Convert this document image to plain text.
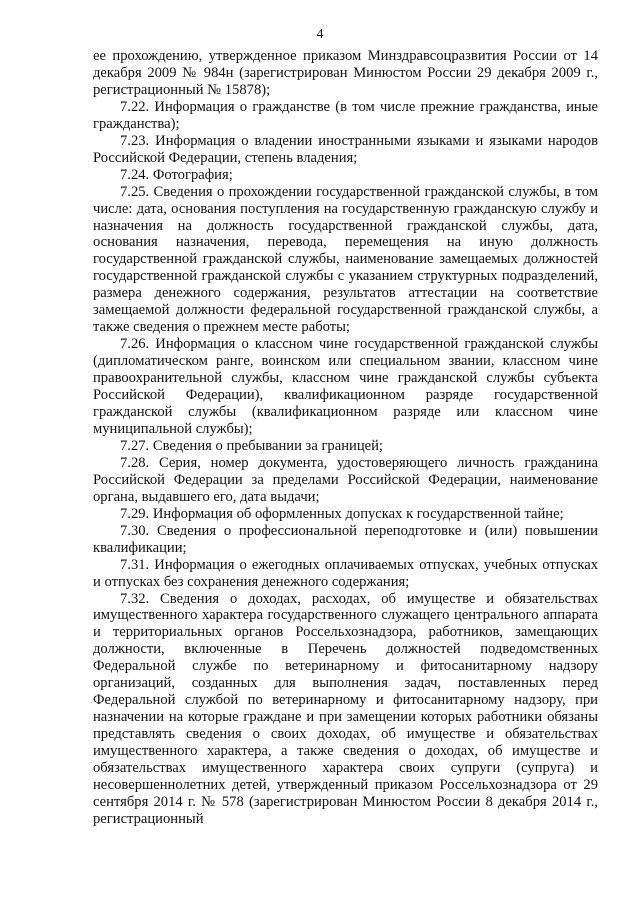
4

ее прохождению, утвержденное приказом Минздравсоцразвития России от 14 декабря 2009 № 984н (зарегистрирован Минюстом России 29 декабря 2009 г., регистрационный № 15878);

7.22. Информация о гражданстве (в том числе прежние гражданства, иные гражданства);

7.23. Информация о владении иностранными языками и языками народов Российской Федерации, степень владения;

7.24. Фотография;

7.25. Сведения о прохождении государственной гражданской службы, в том числе: дата, основания поступления на государственную гражданскую службу и назначения на должность государственной гражданской службы, дата, основания назначения, перевода, перемещения на иную должность государственной гражданской службы, наименование замещаемых должностей государственной гражданской службы с указанием структурных подразделений, размера денежного содержания, результатов аттестации на соответствие замещаемой должности федеральной государственной гражданской службы, а также сведения о прежнем месте работы;

7.26. Информация о классном чине государственной гражданской службы (дипломатическом ранге, воинском или специальном звании, классном чине правоохранительной службы, классном чине гражданской службы субъекта Российской Федерации), квалификационном разряде государственной гражданской службы (квалификационном разряде или классном чине муниципальной службы);

7.27. Сведения о пребывании за границей;

7.28. Серия, номер документа, удостоверяющего личность гражданина Российской Федерации за пределами Российской Федерации, наименование органа, выдавшего его, дата выдачи;

7.29. Информация об оформленных допусках к государственной тайне;

7.30. Сведения о профессиональной переподготовке и (или) повышении квалификации;

7.31. Информация о ежегодных оплачиваемых отпусках, учебных отпусках и отпусках без сохранения денежного содержания;

7.32. Сведения о доходах, расходах, об имуществе и обязательствах имущественного характера государственного служащего центрального аппарата и территориальных органов Россельхознадзора, работников, замещающих должности, включенные в Перечень должностей подведомственных Федеральной службе по ветеринарному и фитосанитарному надзору организаций, созданных для выполнения задач, поставленных перед Федеральной службой по ветеринарному и фитосанитарному надзору, при назначении на которые граждане и при замещении которых работники обязаны представлять сведения о своих доходах, об имуществе и обязательствах имущественного характера, а также сведения о доходах, об имуществе и обязательствах имущественного характера своих супруги (супруга) и несовершеннолетних детей, утвержденный приказом Россельхознадзора от 29 сентября 2014 г. № 578 (зарегистрирован Минюстом России 8 декабря 2014 г., регистрационный
